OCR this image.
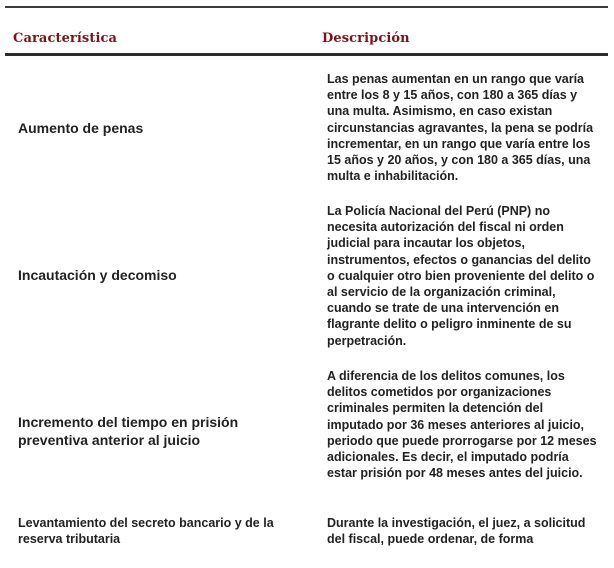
Característica	Descripción
Aumento de penas
Las penas aumentan en un rango que varía entre los 8 y 15 años, con 180 a 365 días y una multa. Asimismo, en caso existan circunstancias agravantes, la pena se podría incrementar, en un rango que varía entre los 15 años y 20 años, y con 180 a 365 días, una multa e inhabilitación.
Incautación y decomiso
La Policía Nacional del Perú (PNP) no necesita autorización del fiscal ni orden judicial para incautar los objetos, instrumentos, efectos o ganancias del delito o cualquier otro bien proveniente del delito o al servicio de la organización criminal, cuando se trate de una intervención en flagrante delito o peligro inminente de su perpetración.
Incremento del tiempo en prisión preventiva anterior al juicio
A diferencia de los delitos comunes, los delitos cometidos por organizaciones criminales permiten la detención del imputado por 36 meses anteriores al juicio, periodo que puede prorrogarse por 12 meses adicionales. Es decir, el imputado podría estar prisión por 48 meses antes del juicio.
Levantamiento del secreto bancario y de la reserva tributaria
Durante la investigación, el juez, a solicitud del fiscal, puede ordenar, de forma
